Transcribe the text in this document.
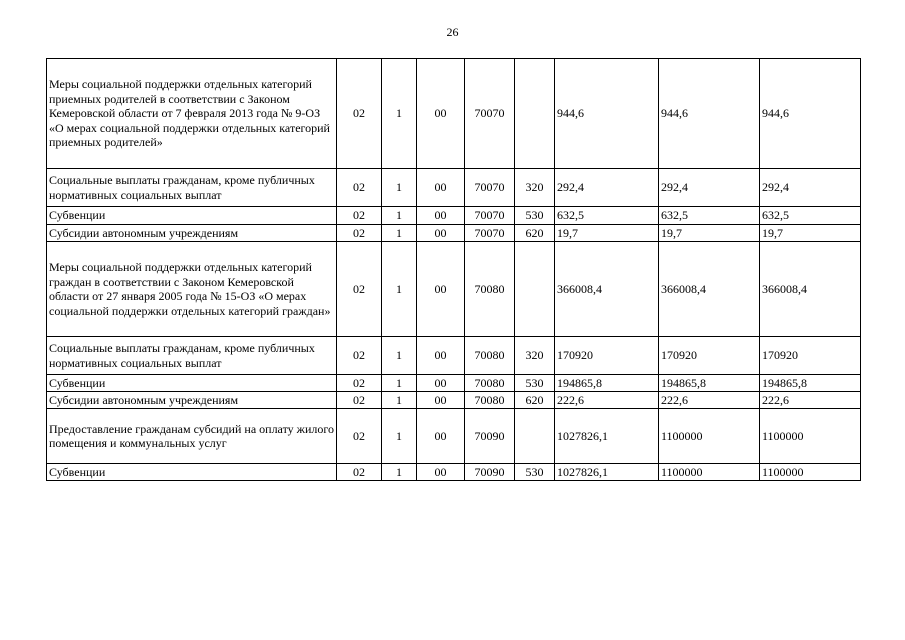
26
Меры социальной поддержки отдельных категорий приемных родителей в соответствии с Законом Кемеровской области от 7 февраля 2013 года № 9-ОЗ «О мерах социальной поддержки отдельных категорий приемных родителей»	02	1	00	70070		944,6	944,6	944,6
Социальные выплаты гражданам, кроме публичных нормативных социальных выплат	02	1	00	70070	320	292,4	292,4	292,4
Субвенции	02	1	00	70070	530	632,5	632,5	632,5
Субсидии автономным учреждениям	02	1	00	70070	620	19,7	19,7	19,7
Меры социальной поддержки отдельных категорий граждан в соответствии с Законом Кемеровской области от 27 января 2005 года № 15-ОЗ «О мерах социальной поддержки отдельных категорий граждан»	02	1	00	70080		366008,4	366008,4	366008,4
Социальные выплаты гражданам, кроме публичных нормативных социальных выплат	02	1	00	70080	320	170920	170920	170920
Субвенции	02	1	00	70080	530	194865,8	194865,8	194865,8
Субсидии автономным учреждениям	02	1	00	70080	620	222,6	222,6	222,6
Предоставление гражданам субсидий на оплату жилого помещения и коммунальных услуг	02	1	00	70090		1027826,1	1100000	1100000
Субвенции	02	1	00	70090	530	1027826,1	1100000	1100000
